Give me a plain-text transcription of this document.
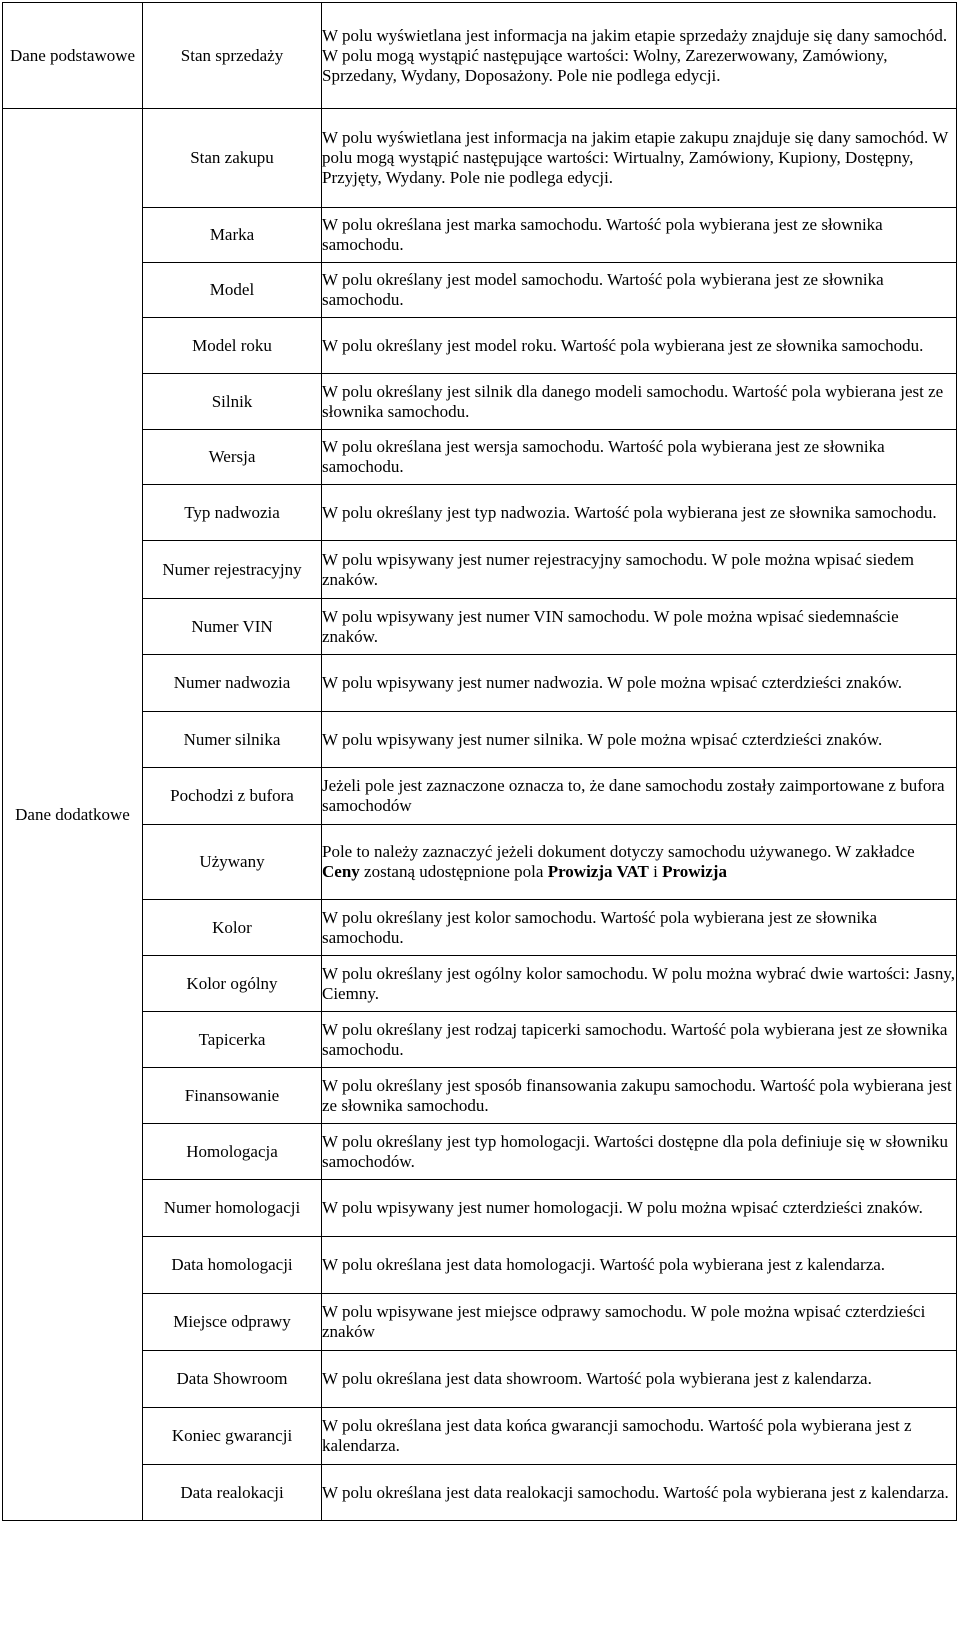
Dane podstawowe	Stan sprzedaży	W polu wyświetlana jest informacja na jakim etapie sprzedaży znajduje się dany samochód. W polu mogą wystąpić następujące wartości: Wolny, Zarezerwowany, Zamówiony, Sprzedany, Wydany, Doposażony. Pole nie podlega edycji.
Dane dodatkowe	Stan zakupu	W polu wyświetlana jest informacja na jakim etapie zakupu znajduje się dany samochód. W polu mogą wystąpić następujące wartości: Wirtualny, Zamówiony, Kupiony, Dostępny, Przyjęty, Wydany. Pole nie podlega edycji.
	Marka	W polu określana jest marka samochodu. Wartość pola wybierana jest ze słownika samochodu.
	Model	W polu określany jest model samochodu. Wartość pola wybierana jest ze słownika samochodu.
	Model roku	W polu określany jest model roku. Wartość pola wybierana jest ze słownika samochodu.
	Silnik	W polu określany jest silnik dla danego modeli samochodu. Wartość pola wybierana jest ze słownika samochodu.
	Wersja	W polu określana jest wersja samochodu. Wartość pola wybierana jest ze słownika samochodu.
	Typ nadwozia	W polu określany jest typ nadwozia. Wartość pola wybierana jest ze słownika samochodu.
	Numer rejestracyjny	W polu wpisywany jest numer rejestracyjny samochodu. W pole można wpisać siedem znaków.
	Numer VIN	W polu wpisywany jest numer VIN samochodu. W pole można wpisać siedemnaście znaków.
	Numer nadwozia	W polu wpisywany jest numer nadwozia. W pole można wpisać czterdzieści znaków.
	Numer silnika	W polu wpisywany jest numer silnika. W pole można wpisać czterdzieści znaków.
	Pochodzi z bufora	Jeżeli pole jest zaznaczone oznacza to, że dane samochodu zostały zaimportowane z bufora samochodów
	Używany	Pole to należy zaznaczyć jeżeli dokument dotyczy samochodu używanego. W zakładce Ceny zostaną udostępnione pola Prowizja VAT i Prowizja
	Kolor	W polu określany jest kolor samochodu. Wartość pola wybierana jest ze słownika samochodu.
	Kolor ogólny	W polu określany jest ogólny kolor samochodu. W polu można wybrać dwie wartości: Jasny, Ciemny.
	Tapicerka	W polu określany jest rodzaj tapicerki samochodu. Wartość pola wybierana jest ze słownika samochodu.
	Finansowanie	W polu określany jest sposób finansowania zakupu samochodu. Wartość pola wybierana jest ze słownika samochodu.
	Homologacja	W polu określany jest typ homologacji. Wartości dostępne dla pola definiuje się w słowniku samochodów.
	Numer homologacji	W polu wpisywany jest numer homologacji. W polu można wpisać czterdzieści znaków.
	Data homologacji	W polu określana jest data homologacji. Wartość pola wybierana jest z kalendarza.
	Miejsce odprawy	W polu wpisywane jest miejsce odprawy samochodu. W pole można wpisać czterdzieści znaków
	Data Showroom	W polu określana jest data showroom. Wartość pola wybierana jest z kalendarza.
	Koniec gwarancji	W polu określana jest data końca gwarancji samochodu. Wartość pola wybierana jest z kalendarza.
	Data realokacji	W polu określana jest data realokacji samochodu. Wartość pola wybierana jest z kalendarza.
